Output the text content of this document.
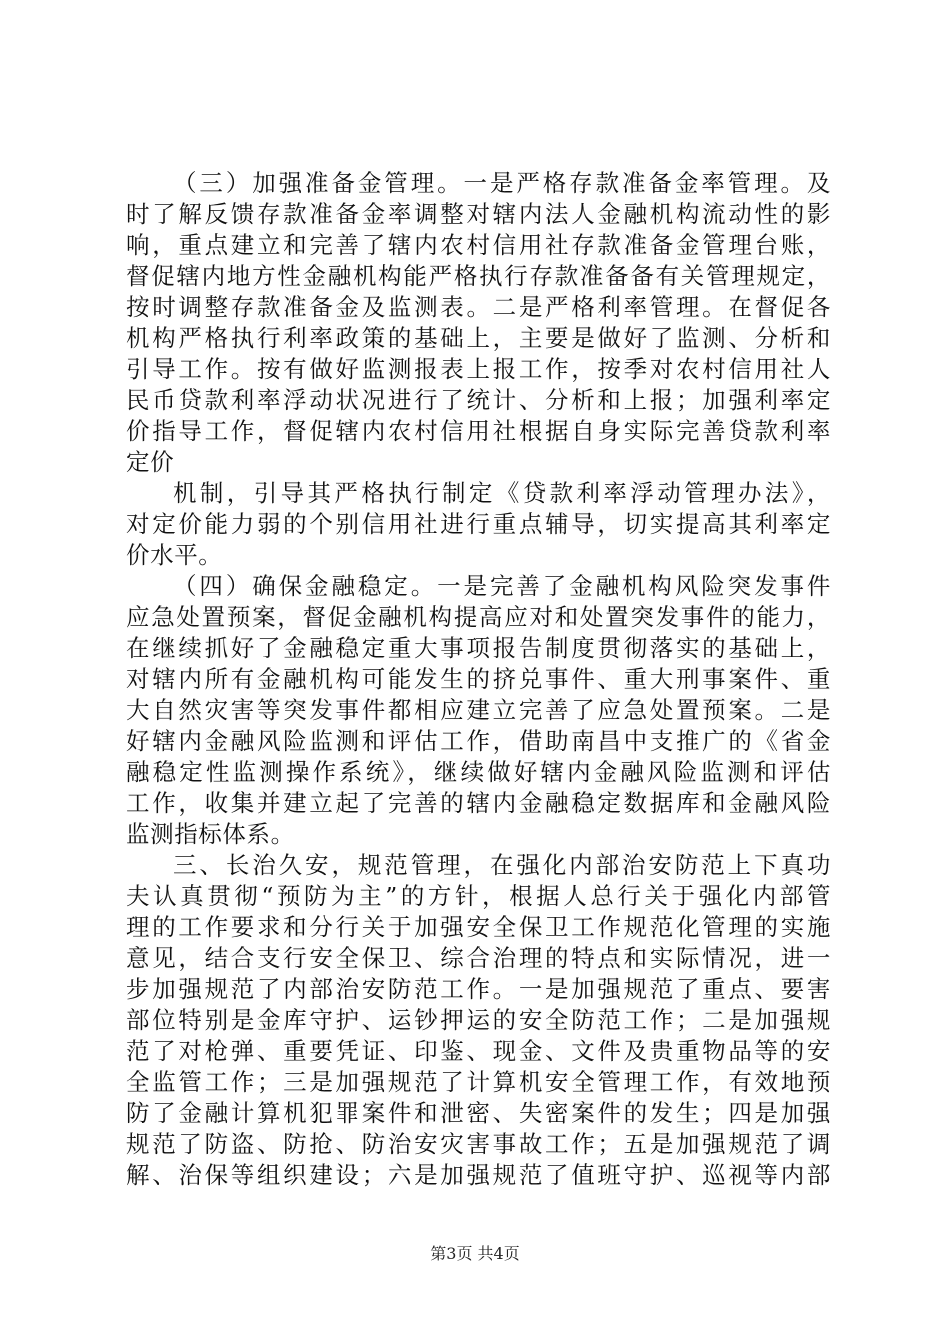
（三）加强准备金管理。一是严格存款准备金率管理。及
时了解反馈存款准备金率调整对辖内法人金融机构流动性的影
响，重点建立和完善了辖内农村信用社存款准备金管理台账，
督促辖内地方性金融机构能严格执行存款准备备有关管理规定，
按时调整存款准备金及监测表。二是严格利率管理。在督促各
机构严格执行利率政策的基础上，主要是做好了监测、分析和
引导工作。按有做好监测报表上报工作，按季对农村信用社人
民币贷款利率浮动状况进行了统计、分析和上报；加强利率定
价指导工作，督促辖内农村信用社根据自身实际完善贷款利率
定价
机制，引导其严格执行制定《贷款利率浮动管理办法》，
对定价能力弱的个别信用社进行重点辅导，切实提高其利率定
价水平。
（四）确保金融稳定。一是完善了金融机构风险突发事件
应急处置预案，督促金融机构提高应对和处置突发事件的能力，
在继续抓好了金融稳定重大事项报告制度贯彻落实的基础上，
对辖内所有金融机构可能发生的挤兑事件、重大刑事案件、重
大自然灾害等突发事件都相应建立完善了应急处置预案。二是
好辖内金融风险监测和评估工作，借助南昌中支推广的《省金
融稳定性监测操作系统》，继续做好辖内金融风险监测和评估
工作，收集并建立起了完善的辖内金融稳定数据库和金融风险
监测指标体系。
三、长治久安，规范管理，在强化内部治安防范上下真功
夫认真贯彻“预防为主”的方针，根据人总行关于强化内部管
理的工作要求和分行关于加强安全保卫工作规范化管理的实施
意见，结合支行安全保卫、综合治理的特点和实际情况，进一
步加强规范了内部治安防范工作。一是加强规范了重点、要害
部位特别是金库守护、运钞押运的安全防范工作；二是加强规
范了对枪弹、重要凭证、印鉴、现金、文件及贵重物品等的安
全监管工作；三是加强规范了计算机安全管理工作，有效地预
防了金融计算机犯罪案件和泄密、失密案件的发生；四是加强
规范了防盗、防抢、防治安灾害事故工作；五是加强规范了调
解、治保等组织建设；六是加强规范了值班守护、巡视等内部
第3页 共4页
